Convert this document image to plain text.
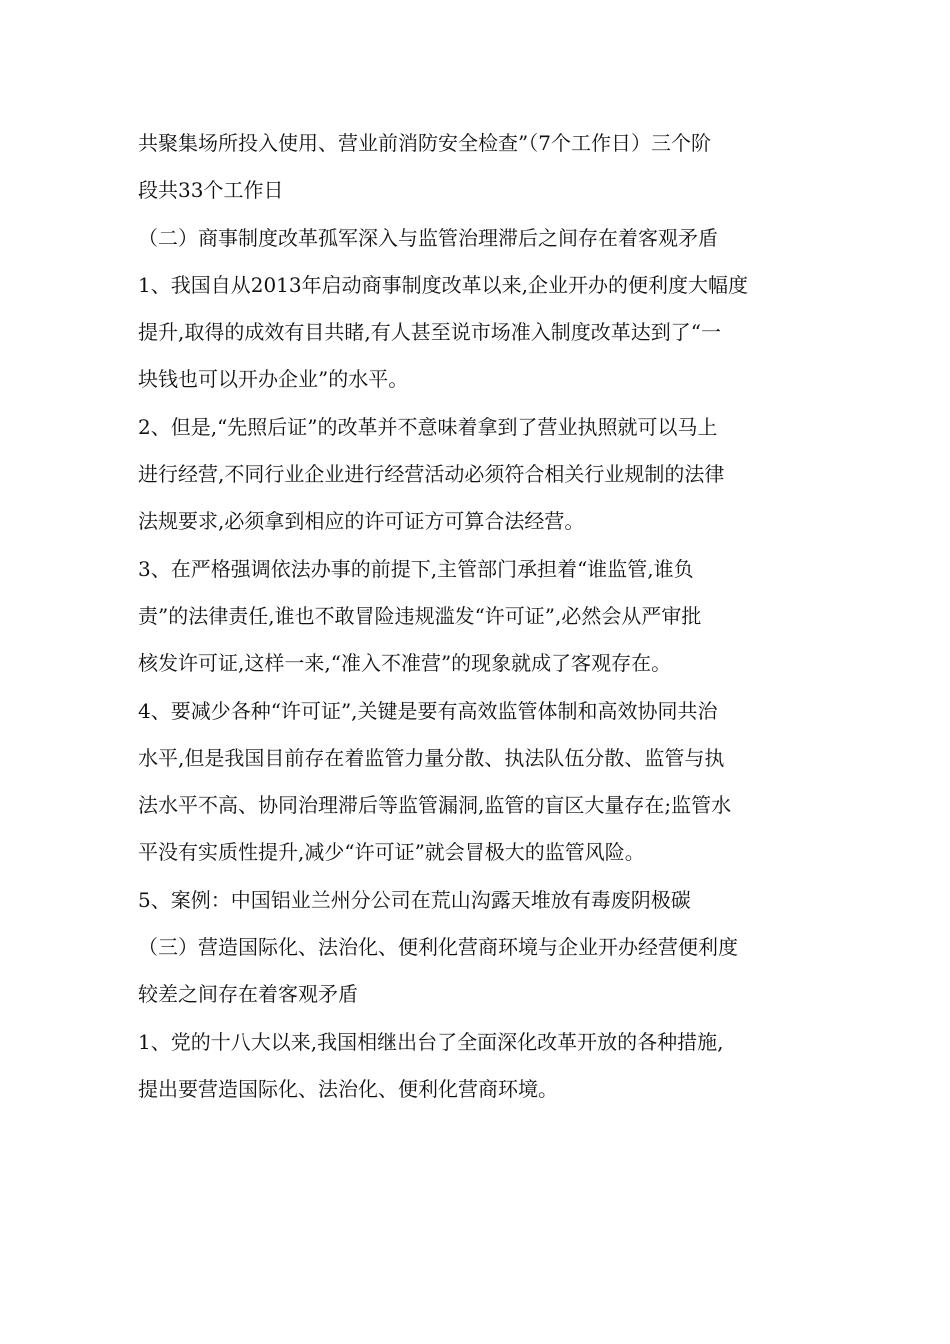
共聚集场所投入使用、营业前消防安全检查”（7个工作日）三个阶
段共33个工作日
（二）商事制度改革孤军深入与监管治理滞后之间存在着客观矛盾
1、我国自从2013年启动商事制度改革以来,企业开办的便利度大幅度
提升,取得的成效有目共睹,有人甚至说市场准入制度改革达到了“一
块钱也可以开办企业”的水平。
2、但是,“先照后证”的改革并不意味着拿到了营业执照就可以马上
进行经营,不同行业企业进行经营活动必须符合相关行业规制的法律
法规要求,必须拿到相应的许可证方可算合法经营。
3、在严格强调依法办事的前提下,主管部门承担着“谁监管,谁负
责”的法律责任,谁也不敢冒险违规滥发“许可证”,必然会从严审批
核发许可证,这样一来,“准入不准营”的现象就成了客观存在。
4、要减少各种“许可证”,关键是要有高效监管体制和高效协同共治
水平,但是我国目前存在着监管力量分散、执法队伍分散、监管与执
法水平不高、协同治理滞后等监管漏洞,监管的盲区大量存在;监管水
平没有实质性提升,减少“许可证”就会冒极大的监管风险。
5、案例：中国铝业兰州分公司在荒山沟露天堆放有毒废阴极碳
（三）营造国际化、法治化、便利化营商环境与企业开办经营便利度
较差之间存在着客观矛盾
1、党的十八大以来,我国相继出台了全面深化改革开放的各种措施,
提出要营造国际化、法治化、便利化营商环境。
